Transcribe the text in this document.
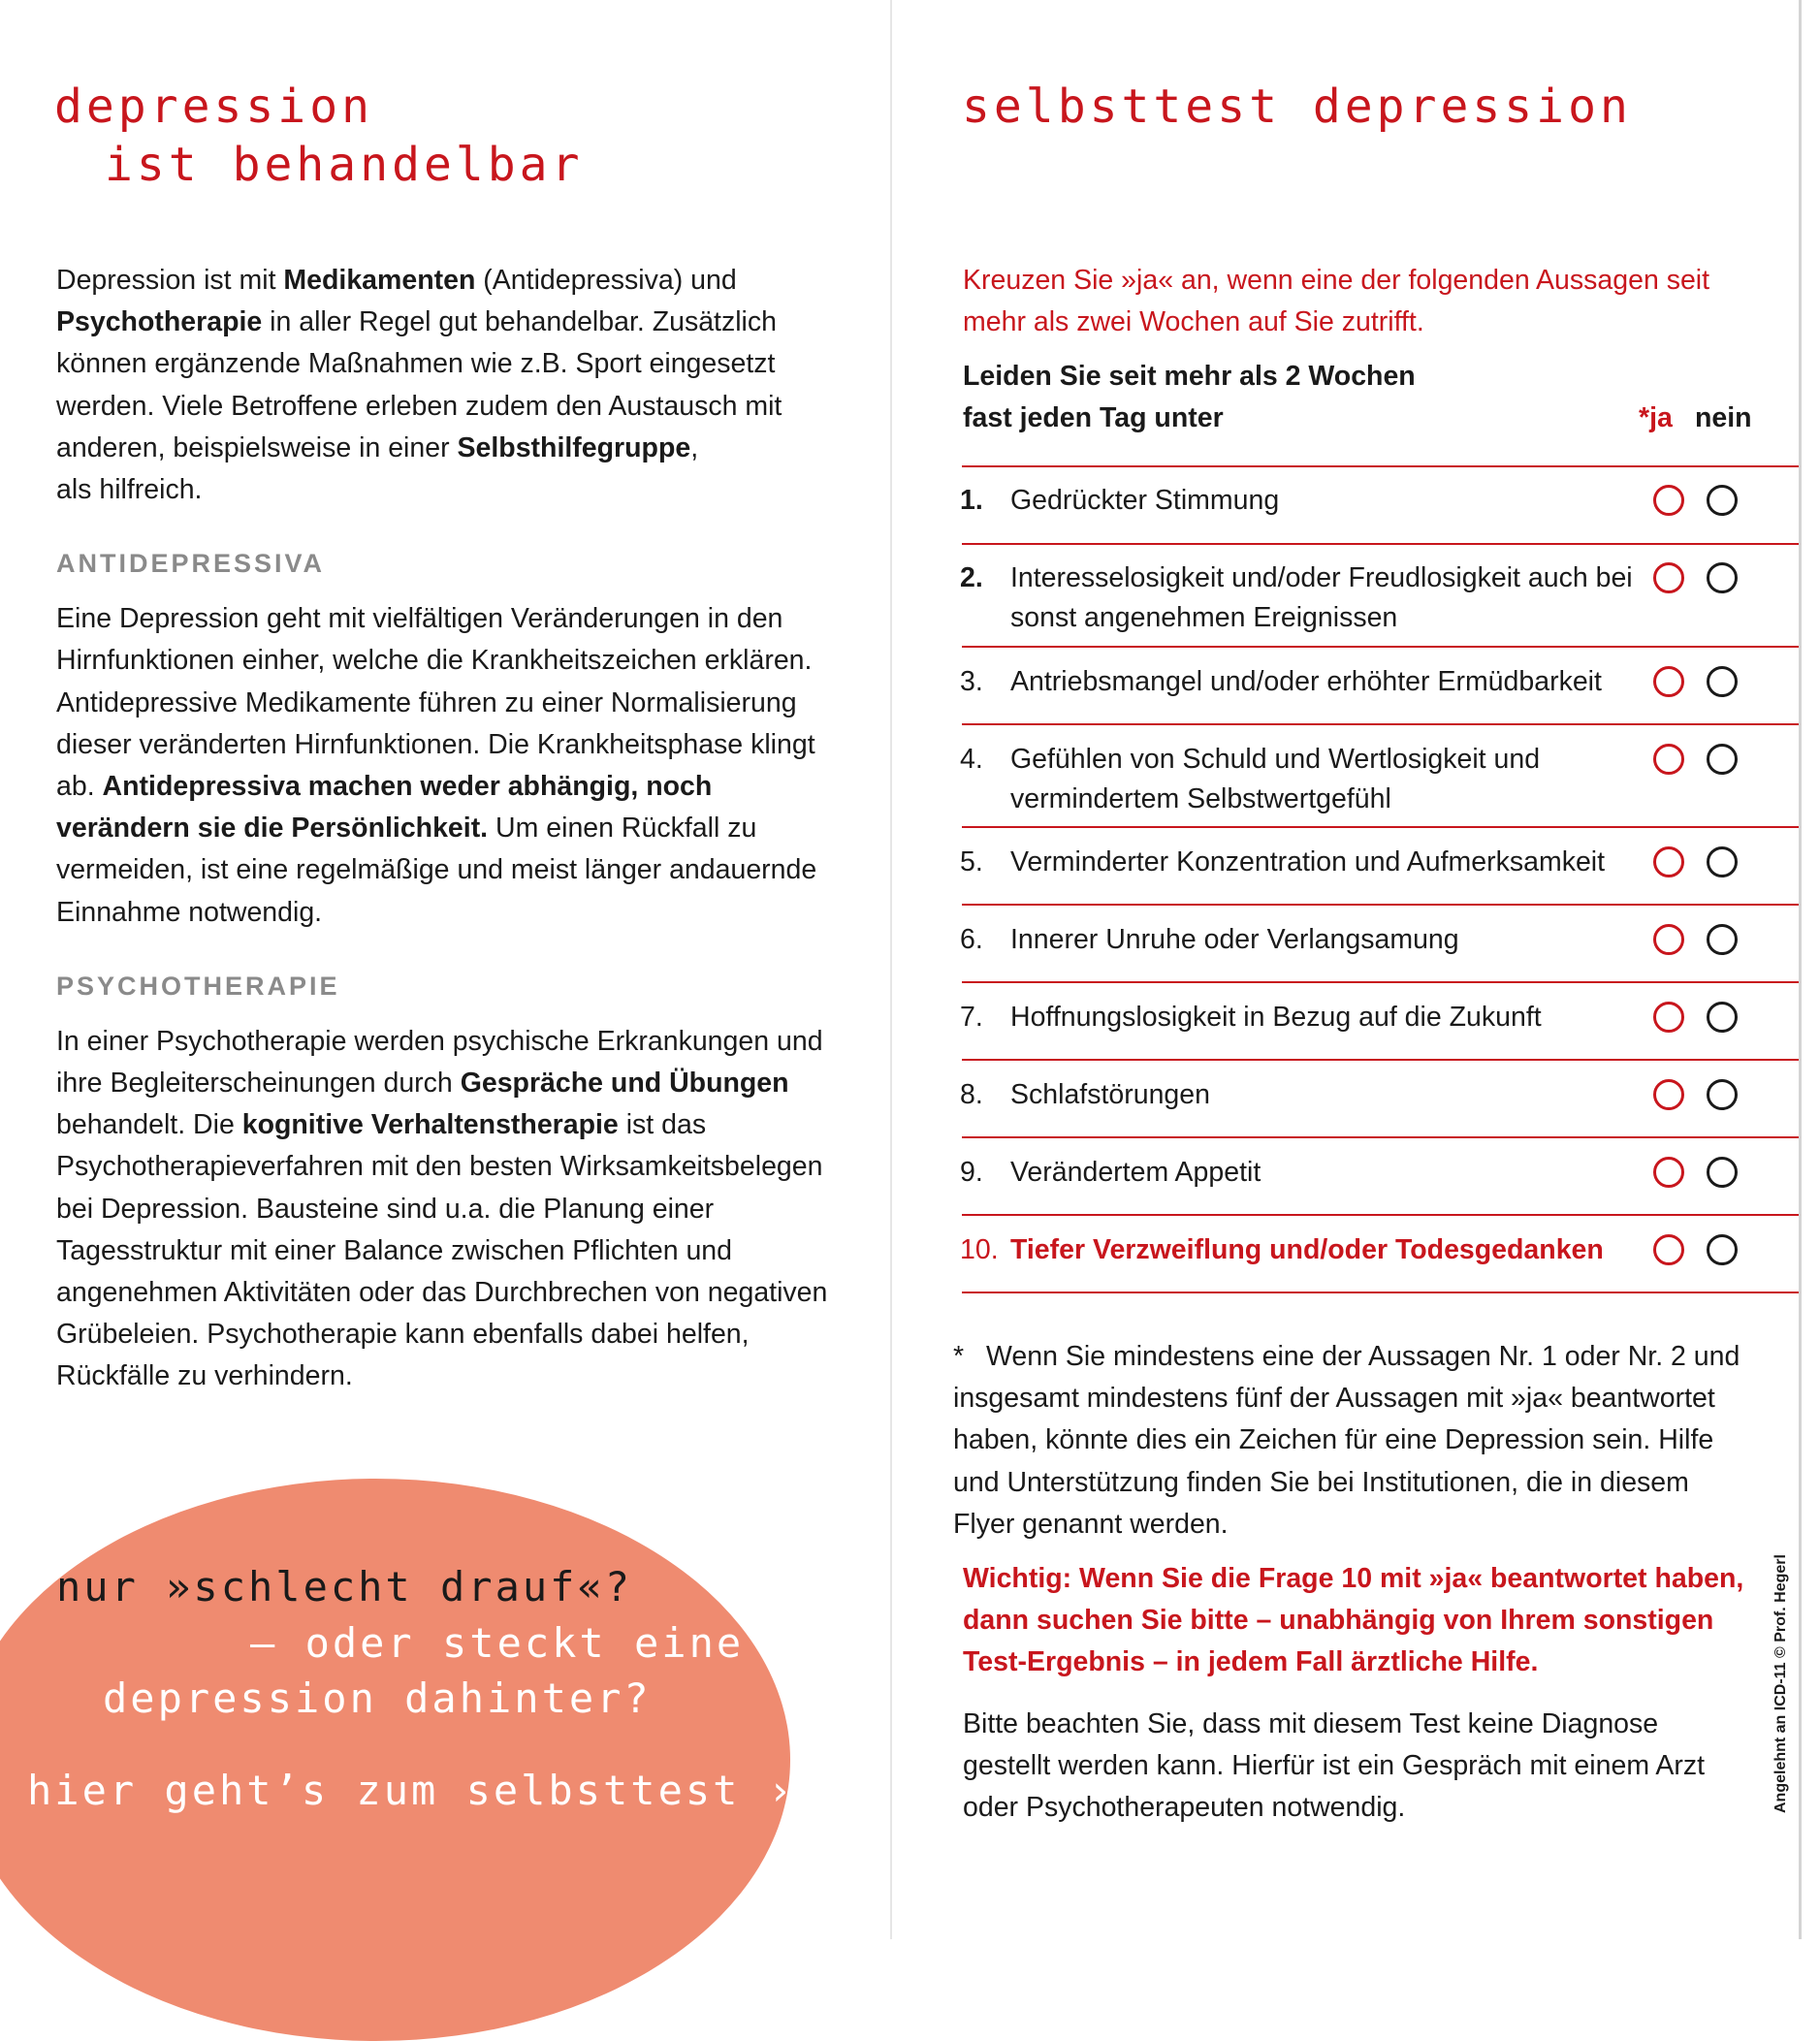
depression
ist behandelbar

Depression ist mit Medikamenten (Antidepressiva) und Psychotherapie in aller Regel gut behandelbar. Zusätzlich können ergänzende Maßnahmen wie z.B. Sport eingesetzt werden. Viele Betroffene erleben zudem den Austausch mit anderen, beispielsweise in einer Selbsthilfegruppe,
als hilfreich.

ANTIDEPRESSIVA

Eine Depression geht mit vielfältigen Veränderungen in den Hirnfunktionen einher, welche die Krankheitszeichen erklären. Antidepressive Medikamente führen zu einer Normalisierung dieser veränderten Hirnfunktionen. Die Krankheitsphase klingt ab. Antidepressiva machen weder abhängig, noch verändern sie die Persönlichkeit. Um einen Rückfall zu vermeiden, ist eine regelmäßige und meist länger andauernde Einnahme notwendig.

PSYCHOTHERAPIE

In einer Psychotherapie werden psychische Erkrankungen und ihre Begleiterscheinungen durch Gespräche und Übungen behandelt. Die kognitive Verhaltenstherapie ist das Psychotherapieverfahren mit den besten Wirksamkeitsbelegen bei Depression. Bausteine sind u.a. die Planung einer Tagesstruktur mit einer Balance zwischen Pflichten und angenehmen Aktivitäten oder das Durchbrechen von negativen Grübeleien. Psychotherapie kann ebenfalls dabei helfen, Rückfälle zu verhindern.

nur »schlecht drauf«?
– oder steckt eine
depression dahinter?
hier geht’s zum selbsttest ›
selbsttest depression

Kreuzen Sie »ja« an, wenn eine der folgenden Aussagen seit mehr als zwei Wochen auf Sie zutrifft.

Leiden Sie seit mehr als 2 Wochen
fast jeden Tag unter	*ja nein
1. Gedrückter Stimmung
2. Interesselosigkeit und/oder Freudlosigkeit auch bei sonst angenehmen Ereignissen
3. Antriebsmangel und/oder erhöhter Ermüdbarkeit
4. Gefühlen von Schuld und Wertlosigkeit und vermindertem Selbstwertgefühl
5. Verminderter Konzentration und Aufmerksamkeit
6. Innerer Unruhe oder Verlangsamung
7. Hoffnungslosigkeit in Bezug auf die Zukunft
8. Schlafstörungen
9. Verändertem Appetit
10. Tiefer Verzweiflung und/oder Todesgedanken

* Wenn Sie mindestens eine der Aussagen Nr. 1 oder Nr. 2 und insgesamt mindestens fünf der Aussagen mit »ja« beantwortet haben, könnte dies ein Zeichen für eine Depression sein. Hilfe und Unterstützung finden Sie bei Institutionen, die in diesem Flyer genannt werden.

Wichtig: Wenn Sie die Frage 10 mit »ja« beantwortet haben, dann suchen Sie bitte – unabhängig von Ihrem sonstigen Test-Ergebnis – in jedem Fall ärztliche Hilfe.

Bitte beachten Sie, dass mit diesem Test keine Diagnose gestellt werden kann. Hierfür ist ein Gespräch mit einem Arzt oder Psychotherapeuten notwendig.	Angelehnt an ICD-11 © Prof. Hegerl
